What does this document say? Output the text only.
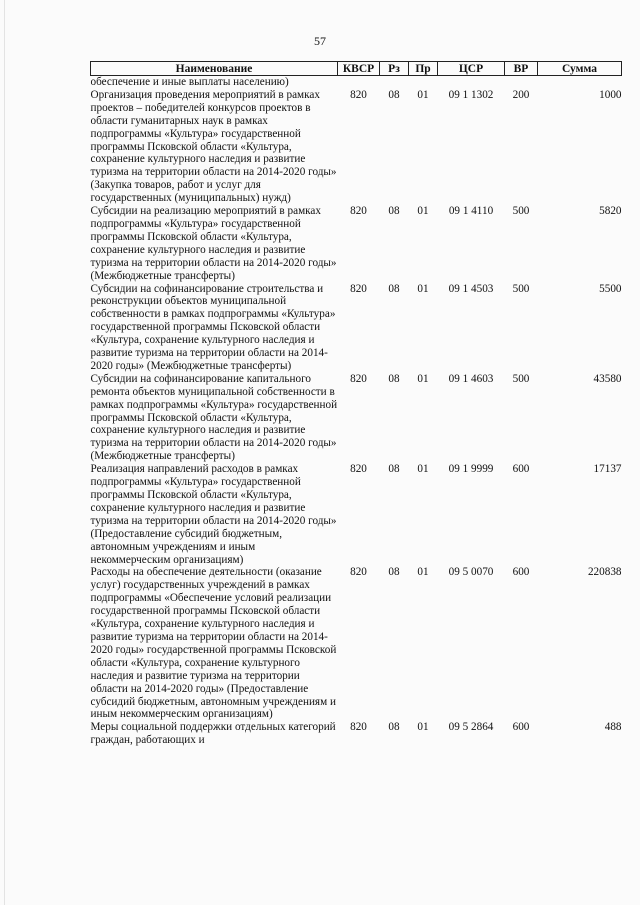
57
Наименование	КВСР	Рз	Пр	ЦСР	ВР	Сумма
обеспечение и иные выплаты населению)						
Организация проведения мероприятий в рамках проектов – победителей конкурсов проектов в области гуманитарных наук в рамках подпрограммы «Культура» государственной программы Псковской области «Культура, сохранение культурного наследия и развитие туризма на территории области на 2014-2020 годы» (Закупка товаров, работ и услуг для государственных (муниципальных) нужд)	820	08	01	09 1 1302	200	1000
Субсидии на реализацию мероприятий в рамках подпрограммы «Культура» государственной программы Псковской области «Культура, сохранение культурного наследия и развитие туризма на территории области на 2014-2020 годы» (Межбюджетные трансферты)	820	08	01	09 1 4110	500	5820
Субсидии на софинансирование строительства и реконструкции объектов муниципальной собственности в рамках подпрограммы «Культура» государственной программы Псковской области «Культура, сохранение культурного наследия и развитие туризма на территории области на 2014-2020 годы» (Межбюджетные трансферты)	820	08	01	09 1 4503	500	5500
Субсидии на софинансирование капитального ремонта объектов муниципальной собственности в рамках подпрограммы «Культура» государственной программы Псковской области «Культура, сохранение культурного наследия и развитие туризма на территории области на 2014-2020 годы» (Межбюджетные трансферты)	820	08	01	09 1 4603	500	43580
Реализация направлений расходов в рамках подпрограммы «Культура» государственной программы Псковской области «Культура, сохранение культурного наследия и развитие туризма на территории области на 2014-2020 годы» (Предоставление субсидий бюджетным, автономным учреждениям и иным некоммерческим организациям)	820	08	01	09 1 9999	600	17137
Расходы на обеспечение деятельности (оказание услуг) государственных учреждений в рамках подпрограммы «Обеспечение условий реализации государственной программы Псковской области «Культура, сохранение культурного наследия и развитие туризма на территории области на 2014-2020 годы» государственной программы Псковской области «Культура, сохранение культурного наследия и развитие туризма на территории области на 2014-2020 годы» (Предоставление субсидий бюджетным, автономным учреждениям и иным некоммерческим организациям)	820	08	01	09 5 0070	600	220838
Меры социальной поддержки отдельных категорий граждан, работающих и	820	08	01	09 5 2864	600	488
